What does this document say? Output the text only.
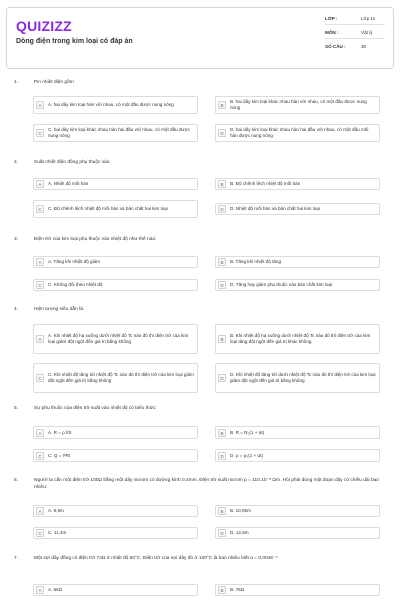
QUIZIZZ
Dòng điện trong kim loại có đáp án
LỚP :	Lớp 11
MÔN :	Vật lý
SỐ CÂU :	30
1.	Pin nhiệt điện gồm
A	A. hai dây kim loại hàn với nhau, có một đầu được nung nóng	B
B. hai dây kim loại khác nhau hàn với nhau, có một đầu được nung nóng
C
C. hai dây kim loại khác nhau hàn hai đầu với nhau, có một đầu được nung nóng	D
D. hai dây kim loại khác nhau hàn hai đầu với nhau, có một đầu mối hàn được nung nóng
2.	Suất nhiệt điện động phụ thuộc vào
A	A. Nhiệt độ mối hàn	B	B. Độ chênh lệch nhiệt độ mối hàn
C	C. Độ chênh lệch nhiệt độ mối hàn và bản chất hai kim loại	D	D. Nhiệt độ mối hàn và bản chất hai kim loại
3.	Điện trở của kim loại phụ thuộc vào nhiệt độ như thế nào:
A	A. Tăng khi nhiệt độ giảm	B	B. Tăng khi nhiệt độ tăng
C	C. Không đổi theo nhiệt độ	D	D. Tăng hay giảm phụ thuộc vào bản chất kim loại
4.	Hiện tượng siêu dẫn là:
A
A. Khi nhiệt độ hạ xuống dưới nhiệt độ Tc nào đó thì điện trở của kim loại giảm đột ngột đến giá trị bằng không	B
B. Khi nhiệt độ hạ xuống dưới nhiệt độ Tc nào đó thì điện trở của kim loại tăng đột ngột đến giá trị khác không
C
C. Khi nhiệt độ tăng tới nhiệt độ Tc nào đó thì điện trở của kim loại giảm đột ngột đến giá trị bằng không	D
D. Khi nhiệt độ tăng tới dưới nhiệt độ Tc nào đó thì điện trở của kim loại giảm đột ngột đến giá trị bằng không
5.	Sự phụ thuộc của điện trở suất vào nhiệt độ có biểu thức:
A	A. R = ρ l/S	B	B. R = R₀(1 + αt)
C	C. Q = I²Rt	D	D. ρ = ρ₀(1 + αt)
6.	Người ta cần một điện trở 100Ω bằng một dây nicrom có đường kính 0,4mm. Điện trở suất nicrom ρ = 110.10⁻⁸ Ωm. Hỏi phải dùng một đoạn dây có chiều dài bao nhiêu:
A	A. 8,9m	B	B. 10,05m
C	C. 11,4m	D	D. 12,6m
7.	Một sợi dây đồng có điện trở 74Ω ở nhiệt độ 50°C. Điện trở của sợi dây đó ở 100°C là bao nhiêu biết α = 0,004K⁻¹
A	A. 66Ω	B	B. 76Ω
